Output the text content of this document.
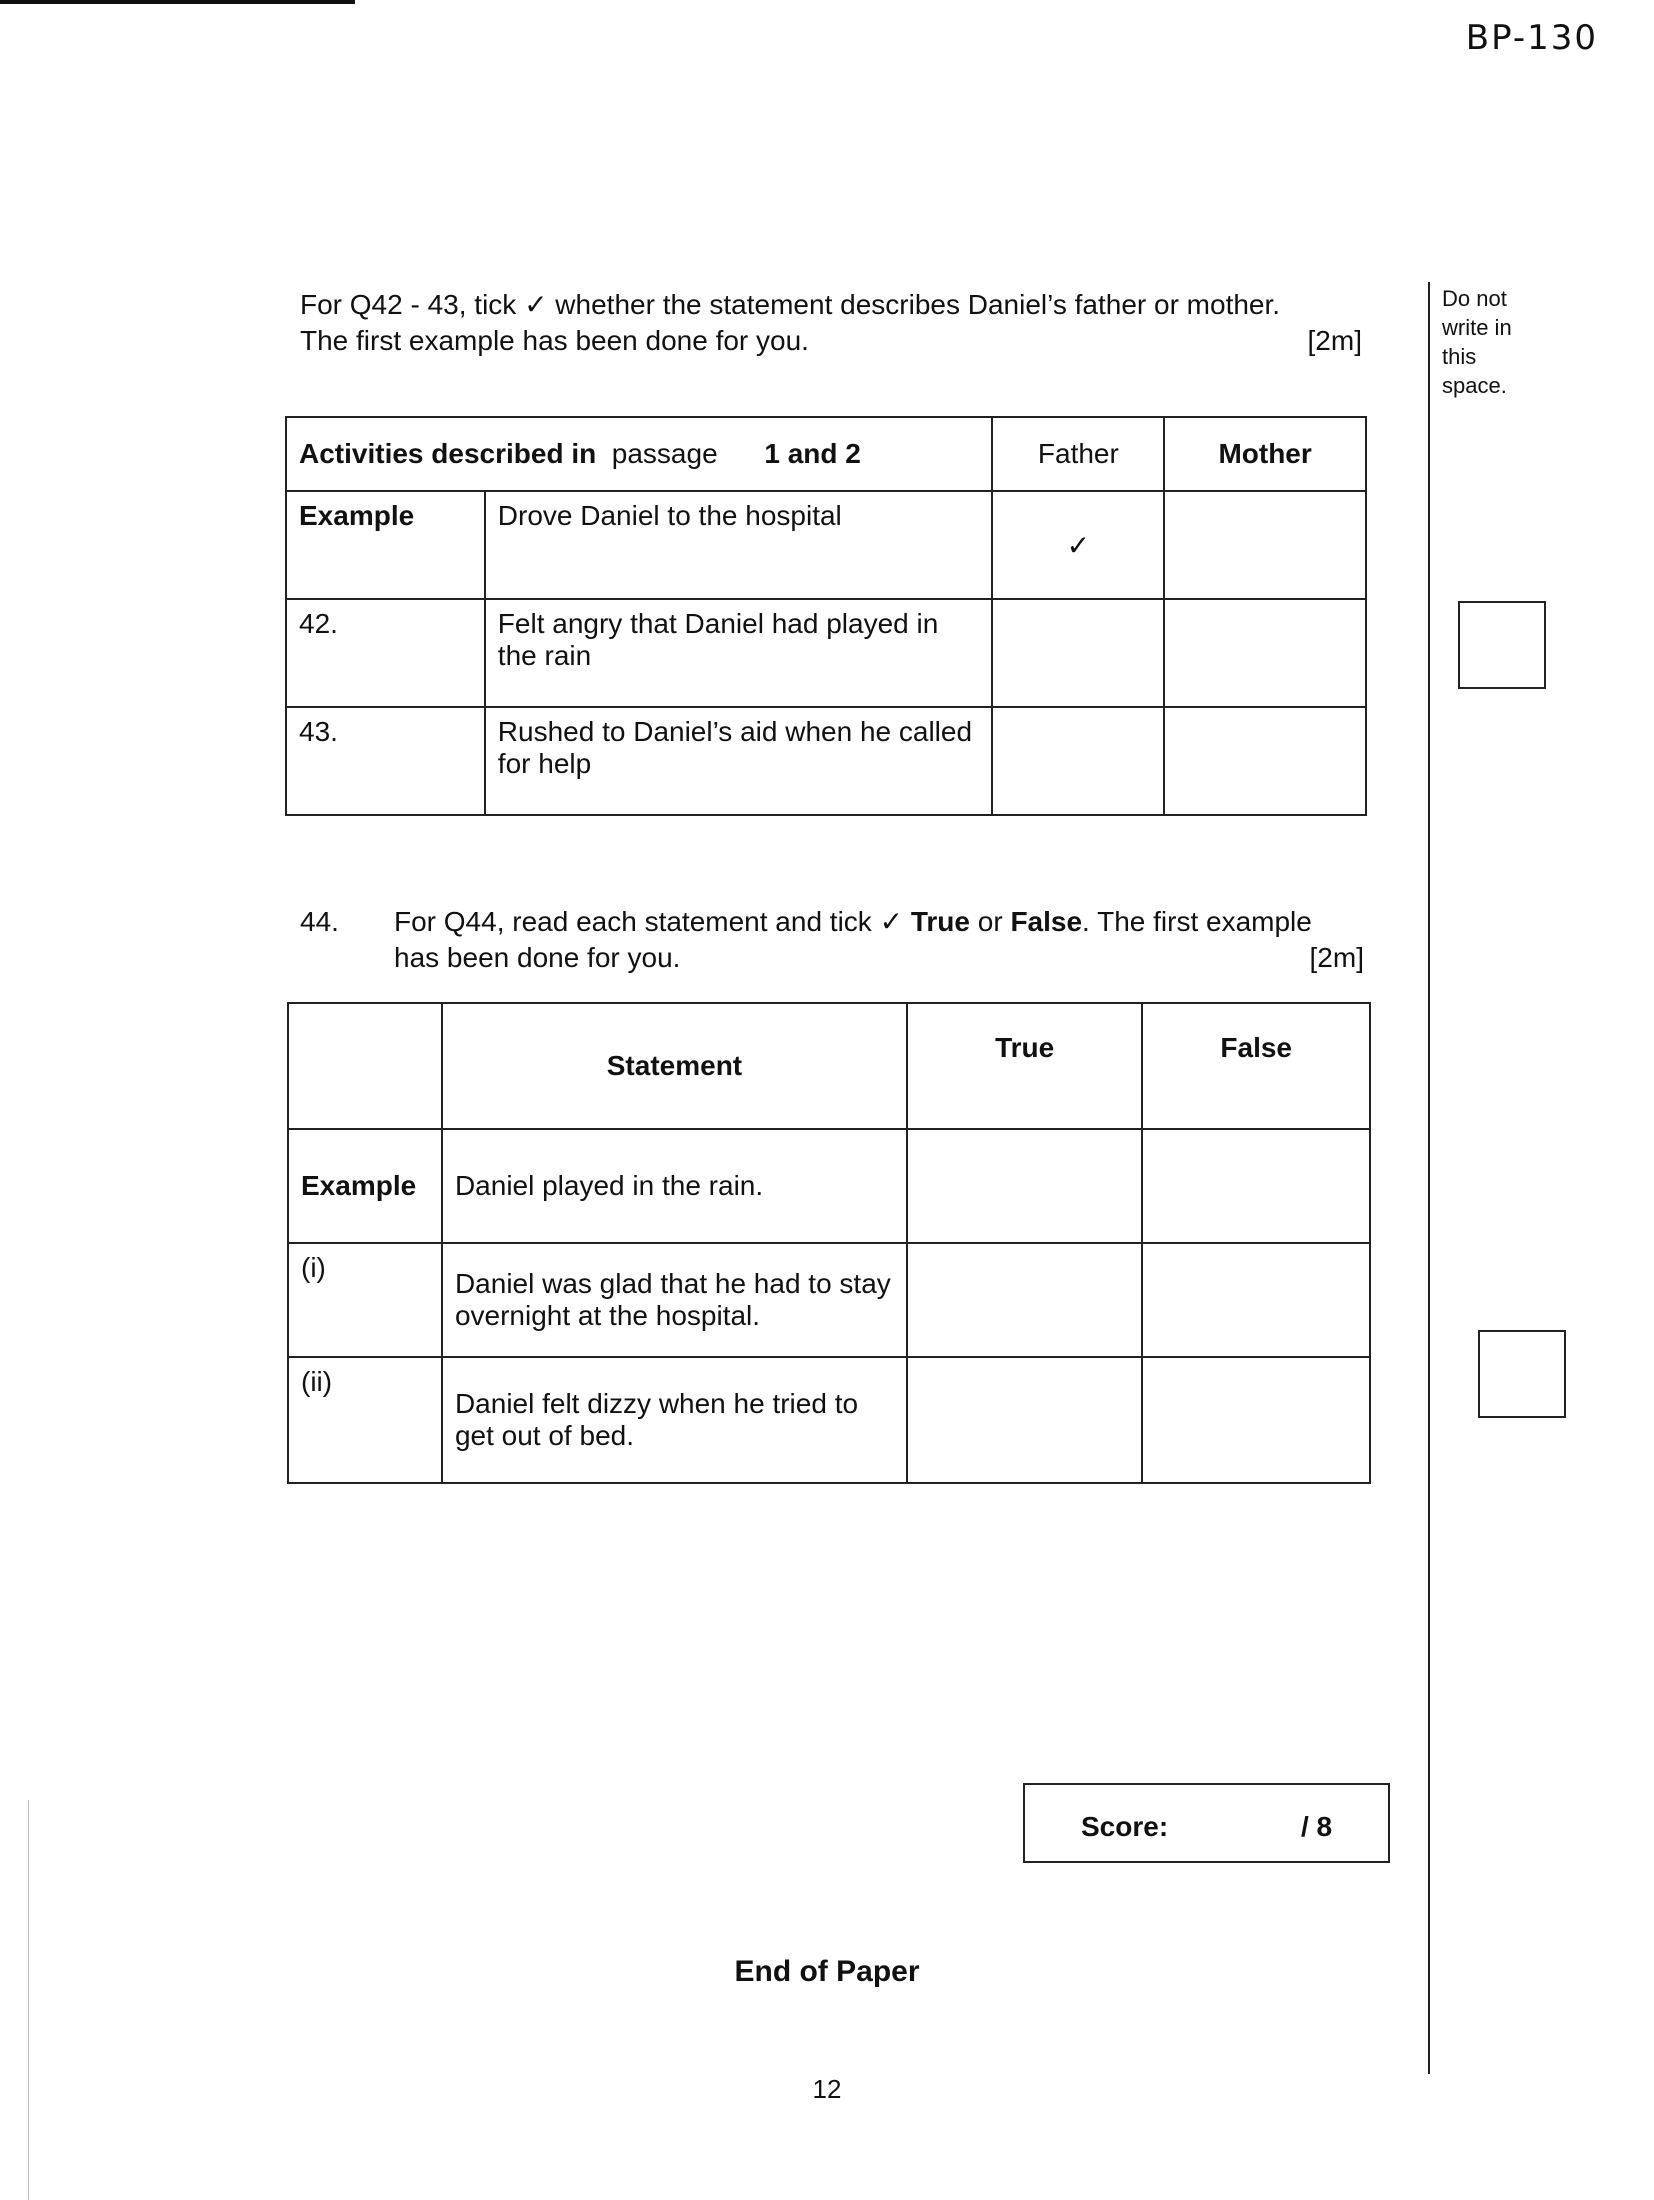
BP-130
Do not
write in
this
space.
For Q42 - 43, tick ✓ whether the statement describes Daniel’s father or mother.
The first example has been done for you.	[2m]
Activities described in passage 1 and 2		Father	Mother
Example	Drove Daniel to the hospital	✓	
42.	Felt angry that Daniel had played in the rain		
43.	Rushed to Daniel’s aid when he called for help		
44. For Q44, read each statement and tick ✓ True or False. The first example
has been done for you.	[2m]
	Statement	True	False
Example	Daniel played in the rain.		
(i)	Daniel was glad that he had to stay overnight at the hospital.		
(ii)	Daniel felt dizzy when he tried to get out of bed.		
Score:	/ 8
End of Paper
12
